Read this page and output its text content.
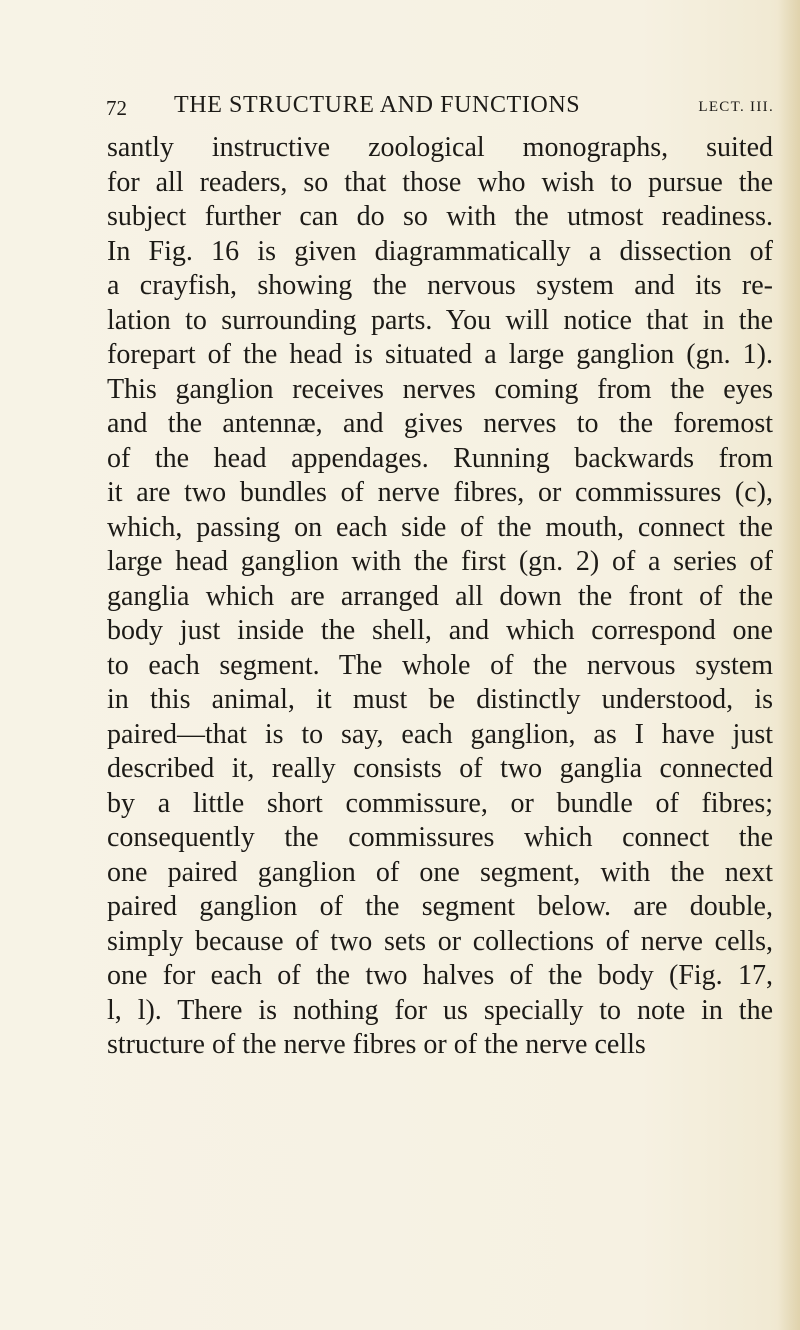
72 THE STRUCTURE AND FUNCTIONS	LECT. III.
santly instructive zoological monographs, suited
for all readers, so that those who wish to pursue the
subject further can do so with the utmost readiness.
In Fig. 16 is given diagrammatically a dissection of
a crayfish, showing the nervous system and its re-
lation to surrounding parts. You will notice that in the
forepart of the head is situated a large ganglion (gn. 1).
This ganglion receives nerves coming from the eyes
and the antennæ, and gives nerves to the foremost
of the head appendages. Running backwards from
it are two bundles of nerve fibres, or commissures (c),
which, passing on each side of the mouth, connect the
large head ganglion with the first (gn. 2) of a series of
ganglia which are arranged all down the front of the
body just inside the shell, and which correspond one
to each segment. The whole of the nervous system
in this animal, it must be distinctly understood, is
paired—that is to say, each ganglion, as I have just
described it, really consists of two ganglia connected
by a little short commissure, or bundle of fibres;
consequently the commissures which connect the
one paired ganglion of one segment, with the next
paired ganglion of the segment below. are double,
simply because of two sets or collections of nerve cells,
one for each of the two halves of the body (Fig. 17,
l, l). There is nothing for us specially to note in the
structure of the nerve fibres or of the nerve cells
